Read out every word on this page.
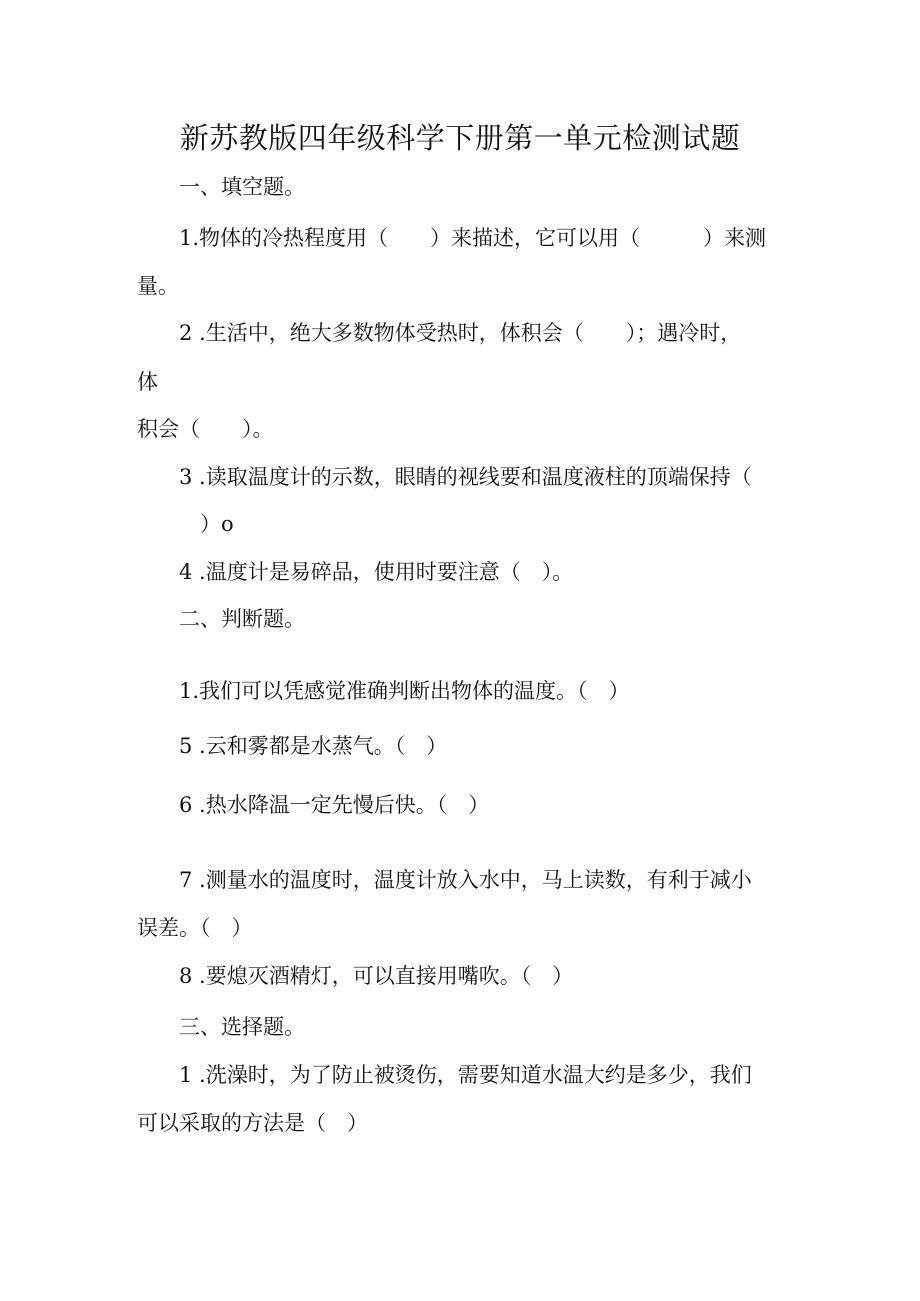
新苏教版四年级科学下册第一单元检测试题
一、填空题。
1.物体的冷热程度用（　　）来描述，它可以用（　　　）来测
量。
2 .生活中，绝大多数物体受热时，体积会（　　）；遇冷时，
体
积会（　　）。
3 .读取温度计的示数，眼睛的视线要和温度液柱的顶端保持（
）o
4 .温度计是易碎品，使用时要注意（　）。
二、判断题。
1.我们可以凭感觉准确判断出物体的温度。（　）
5 .云和雾都是水蒸气。（　）
6 .热水降温一定先慢后快。（　）
7 .测量水的温度时，温度计放入水中，马上读数，有利于减小
误差。（　）
8 .要熄灭酒精灯，可以直接用嘴吹。（　）
三、选择题。
1 .洗澡时，为了防止被烫伤，需要知道水温大约是多少，我们
可以采取的方法是（　）
